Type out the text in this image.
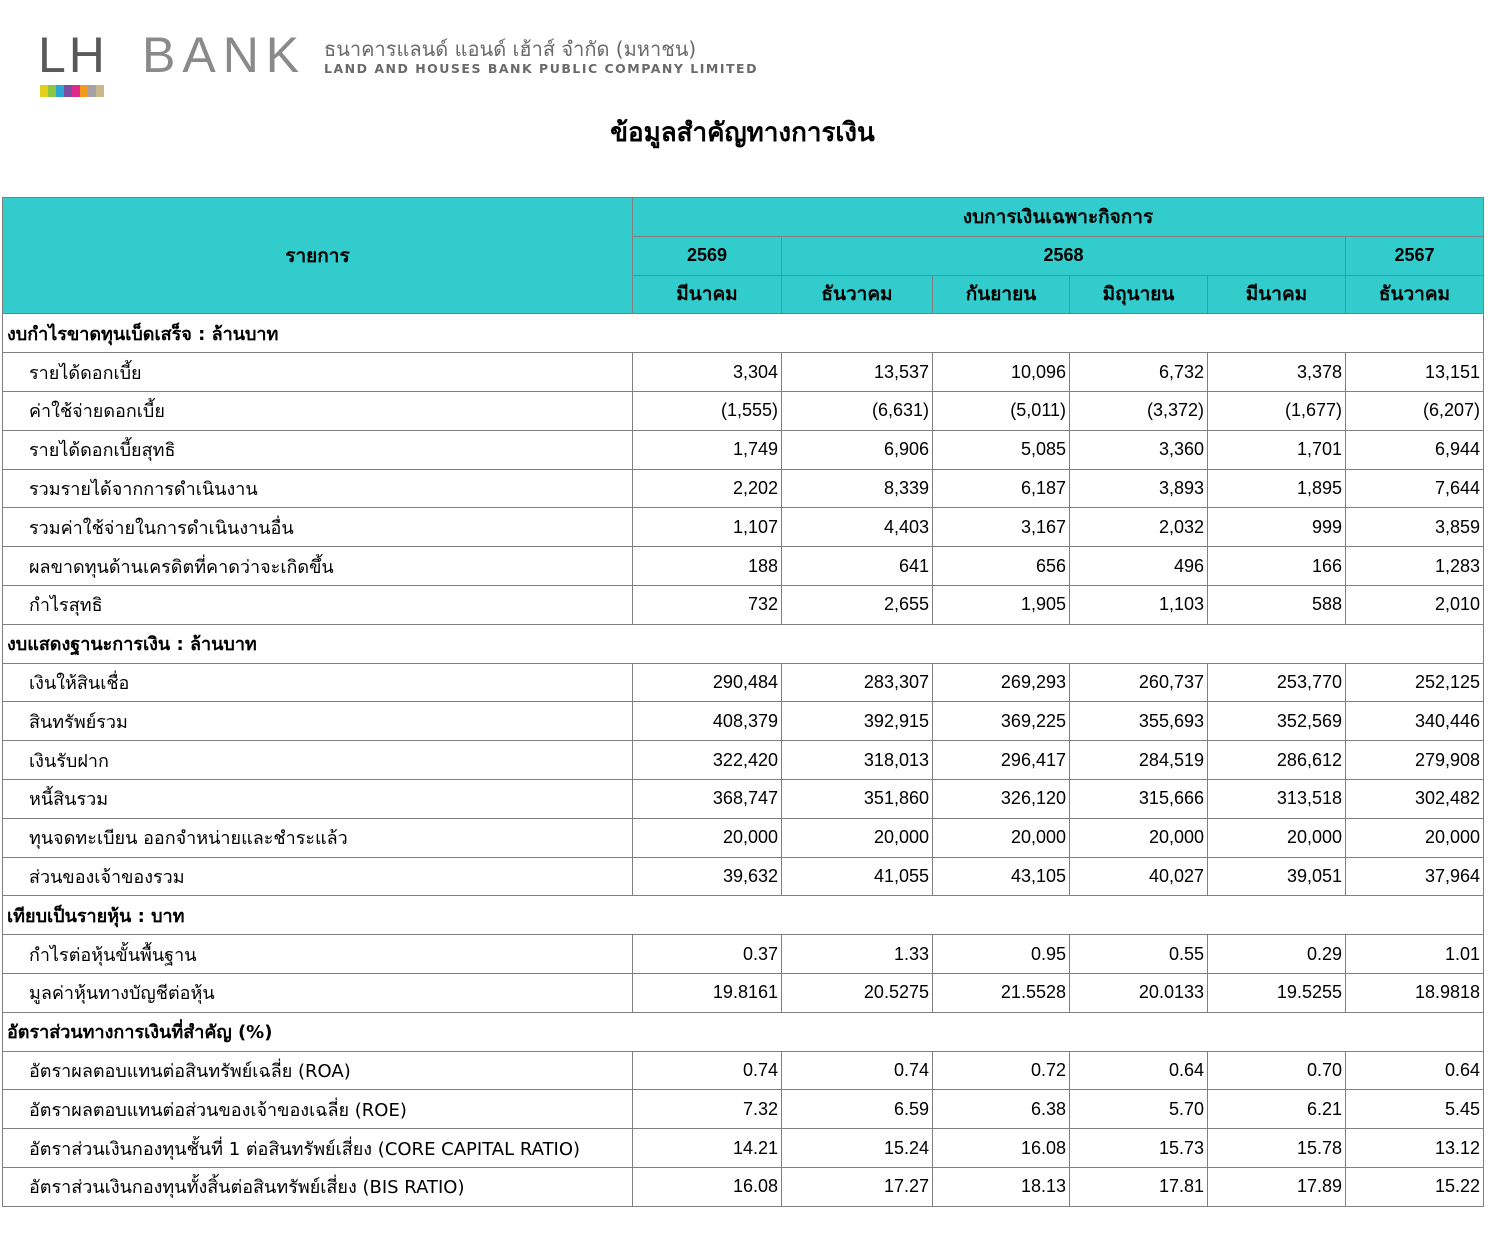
LH BANK ธนาคารแลนด์ แอนด์ เฮ้าส์ จำกัด (มหาชน)
LAND AND HOUSES BANK PUBLIC COMPANY LIMITED
ข้อมูลสำคัญทางการเงิน
รายการ	งบการเงินเฉพาะกิจการ					
	2569	2568				2567
	มีนาคม	ธันวาคม	กันยายน	มิถุนายน	มีนาคม	ธันวาคม
งบกำไรขาดทุนเบ็ดเสร็จ : ล้านบาท						
รายได้ดอกเบี้ย	3,304	13,537	10,096	6,732	3,378	13,151
ค่าใช้จ่ายดอกเบี้ย	(1,555)	(6,631)	(5,011)	(3,372)	(1,677)	(6,207)
รายได้ดอกเบี้ยสุทธิ	1,749	6,906	5,085	3,360	1,701	6,944
รวมรายได้จากการดำเนินงาน	2,202	8,339	6,187	3,893	1,895	7,644
รวมค่าใช้จ่ายในการดำเนินงานอื่น	1,107	4,403	3,167	2,032	999	3,859
ผลขาดทุนด้านเครดิตที่คาดว่าจะเกิดขึ้น	188	641	656	496	166	1,283
กำไรสุทธิ	732	2,655	1,905	1,103	588	2,010
งบแสดงฐานะการเงิน : ล้านบาท						
เงินให้สินเชื่อ	290,484	283,307	269,293	260,737	253,770	252,125
สินทรัพย์รวม	408,379	392,915	369,225	355,693	352,569	340,446
เงินรับฝาก	322,420	318,013	296,417	284,519	286,612	279,908
หนี้สินรวม	368,747	351,860	326,120	315,666	313,518	302,482
ทุนจดทะเบียน ออกจำหน่ายและชำระแล้ว	20,000	20,000	20,000	20,000	20,000	20,000
ส่วนของเจ้าของรวม	39,632	41,055	43,105	40,027	39,051	37,964
เทียบเป็นรายหุ้น : บาท						
กำไรต่อหุ้นขั้นพื้นฐาน	0.37	1.33	0.95	0.55	0.29	1.01
มูลค่าหุ้นทางบัญชีต่อหุ้น	19.8161	20.5275	21.5528	20.0133	19.5255	18.9818
อัตราส่วนทางการเงินที่สำคัญ (%)						
อัตราผลตอบแทนต่อสินทรัพย์เฉลี่ย (ROA)	0.74	0.74	0.72	0.64	0.70	0.64
อัตราผลตอบแทนต่อส่วนของเจ้าของเฉลี่ย (ROE)	7.32	6.59	6.38	5.70	6.21	5.45
อัตราส่วนเงินกองทุนชั้นที่ 1 ต่อสินทรัพย์เสี่ยง (CORE CAPITAL RATIO)	14.21	15.24	16.08	15.73	15.78	13.12
อัตราส่วนเงินกองทุนทั้งสิ้นต่อสินทรัพย์เสี่ยง (BIS RATIO)	16.08	17.27	18.13	17.81	17.89	15.22
